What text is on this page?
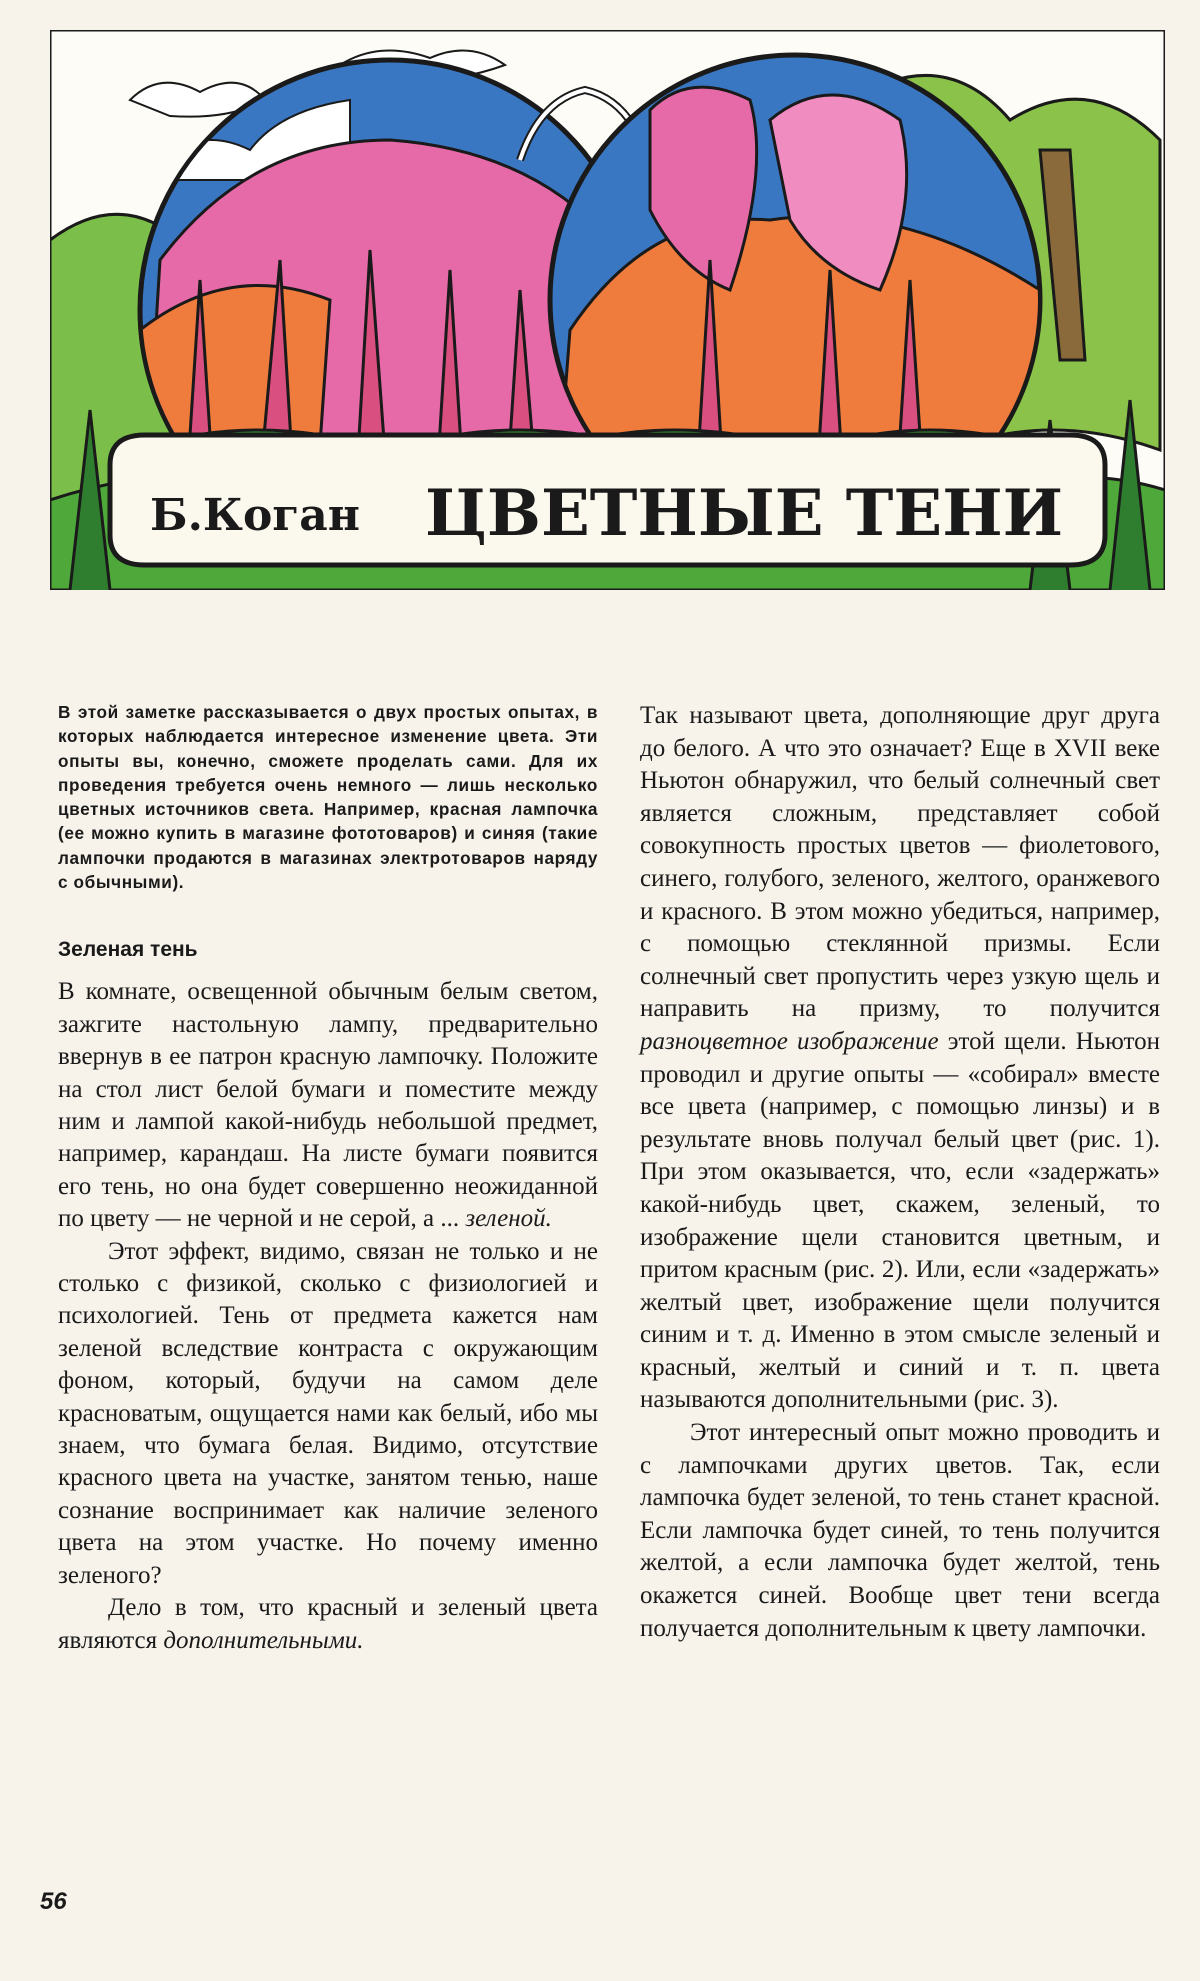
Б.Коган ЦВЕТНЫЕ ТЕНИ

В этой заметке рассказывается о двух простых опытах, в которых наблюдается интересное изменение цвета. Эти опыты вы, конечно, сможете проделать сами. Для их проведения требуется очень немного — лишь несколько цветных источников света. Например, красная лампочка (ее можно купить в магазине фототоваров) и синяя (такие лампочки продаются в магазинах электротоваров наряду с обычными).

Зеленая тень

В комнате, освещенной обычным белым светом, зажгите настольную лампу, предварительно ввернув в ее патрон красную лампочку. Положите на стол лист белой бумаги и поместите между ним и лампой какой-нибудь небольшой предмет, например, карандаш. На листе бумаги появится его тень, но она будет совершенно неожиданной по цвету — не черной и не серой, а ... зеленой.

Этот эффект, видимо, связан не только и не столько с физикой, сколько с физиологией и психологией. Тень от предмета кажется нам зеленой вследствие контраста с окружающим фоном, который, будучи на самом деле красноватым, ощущается нами как белый, ибо мы знаем, что бумага белая. Видимо, отсутствие красного цвета на участке, занятом тенью, наше сознание воспринимает как наличие зеленого цвета на этом участке. Но почему именно зеленого?

Дело в том, что красный и зеленый цвета являются дополнительными.

Так называют цвета, дополняющие друг друга до белого. А что это означает? Еще в XVII веке Ньютон обнаружил, что белый солнечный свет является сложным, представляет собой совокупность простых цветов — фиолетового, синего, голубого, зеленого, желтого, оранжевого и красного. В этом можно убедиться, например, с помощью стеклянной призмы. Если солнечный свет пропустить через узкую щель и направить на призму, то получится разноцветное изображение этой щели. Ньютон проводил и другие опыты — «собирал» вместе все цвета (например, с помощью линзы) и в результате вновь получал белый цвет (рис. 1). При этом оказывается, что, если «задержать» какой-нибудь цвет, скажем, зеленый, то изображение щели становится цветным, и притом красным (рис. 2). Или, если «задержать» желтый цвет, изображение щели получится синим и т. д. Именно в этом смысле зеленый и красный, желтый и синий и т. п. цвета называются дополнительными (рис. 3).

Этот интересный опыт можно проводить и с лампочками других цветов. Так, если лампочка будет зеленой, то тень станет красной. Если лампочка будет синей, то тень получится желтой, а если лампочка будет желтой, тень окажется синей. Вообще цвет тени всегда получается дополнительным к цвету лампочки.

56
